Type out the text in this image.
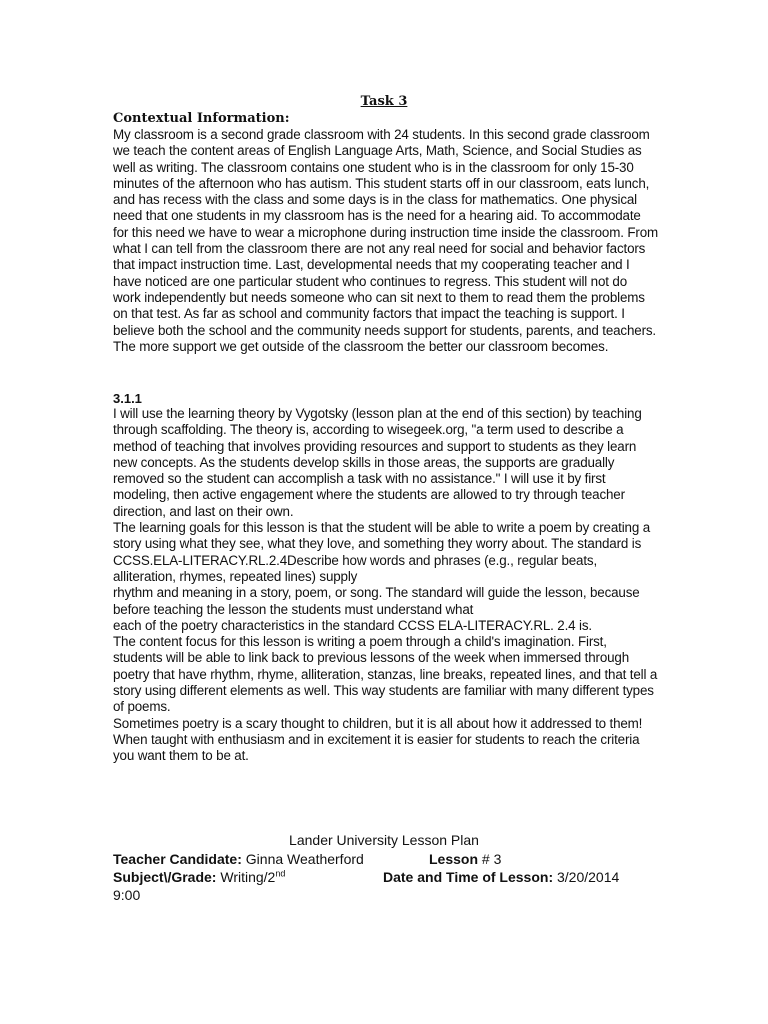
Task 3
Contextual Information:

My classroom is a second grade classroom with 24 students. In this second grade classroom we teach the content areas of English Language Arts, Math, Science, and Social Studies as well as writing. The classroom contains one student who is in the classroom for only 15-30 minutes of the afternoon who has autism. This student starts off in our classroom, eats lunch, and has recess with the class and some days is in the class for mathematics. One physical need that one students in my classroom has is the need for a hearing aid. To accommodate for this need we have to wear a microphone during instruction time inside the classroom. From what I can tell from the classroom there are not any real need for social and behavior factors that impact instruction time. Last, developmental needs that my cooperating teacher and I have noticed are one particular student who continues to regress. This student will not do work independently but needs someone who can sit next to them to read them the problems on that test. As far as school and community factors that impact the teaching is support. I believe both the school and the community needs support for students, parents, and teachers. The more support we get outside of the classroom the better our classroom becomes.

3.1.1

I will use the learning theory by Vygotsky (lesson plan at the end of this section) by teaching through scaffolding. The theory is, according to wisegeek.org, "a term used to describe a method of teaching that involves providing resources and support to students as they learn new concepts. As the students develop skills in those areas, the supports are gradually removed so the student can accomplish a task with no assistance." I will use it by first modeling, then active engagement where the students are allowed to try through teacher direction, and last on their own.

The learning goals for this lesson is that the student will be able to write a poem by creating a story using what they see, what they love, and something they worry about. The standard is CCSS.ELA-LITERACY.RL.2.4Describe how words and phrases (e.g., regular beats, alliteration, rhymes, repeated lines) supply

rhythm and meaning in a story, poem, or song. The standard will guide the lesson, because before teaching the lesson the students must understand what

each of the poetry characteristics in the standard CCSS ELA-LITERACY.RL. 2.4 is.

The content focus for this lesson is writing a poem through a child's imagination. First, students will be able to link back to previous lessons of the week when immersed through poetry that have rhythm, rhyme, alliteration, stanzas, line breaks, repeated lines, and that tell a story using different elements as well. This way students are familiar with many different types of poems.

Sometimes poetry is a scary thought to children, but it is all about how it addressed to them! When taught with enthusiasm and in excitement it is easier for students to reach the criteria you want them to be at.

Lander University Lesson Plan
Teacher Candidate: Ginna Weatherford	Lesson # 3
Subject\/Grade: Writing/2nd	Date and Time of Lesson: 3/20/2014
9:00
